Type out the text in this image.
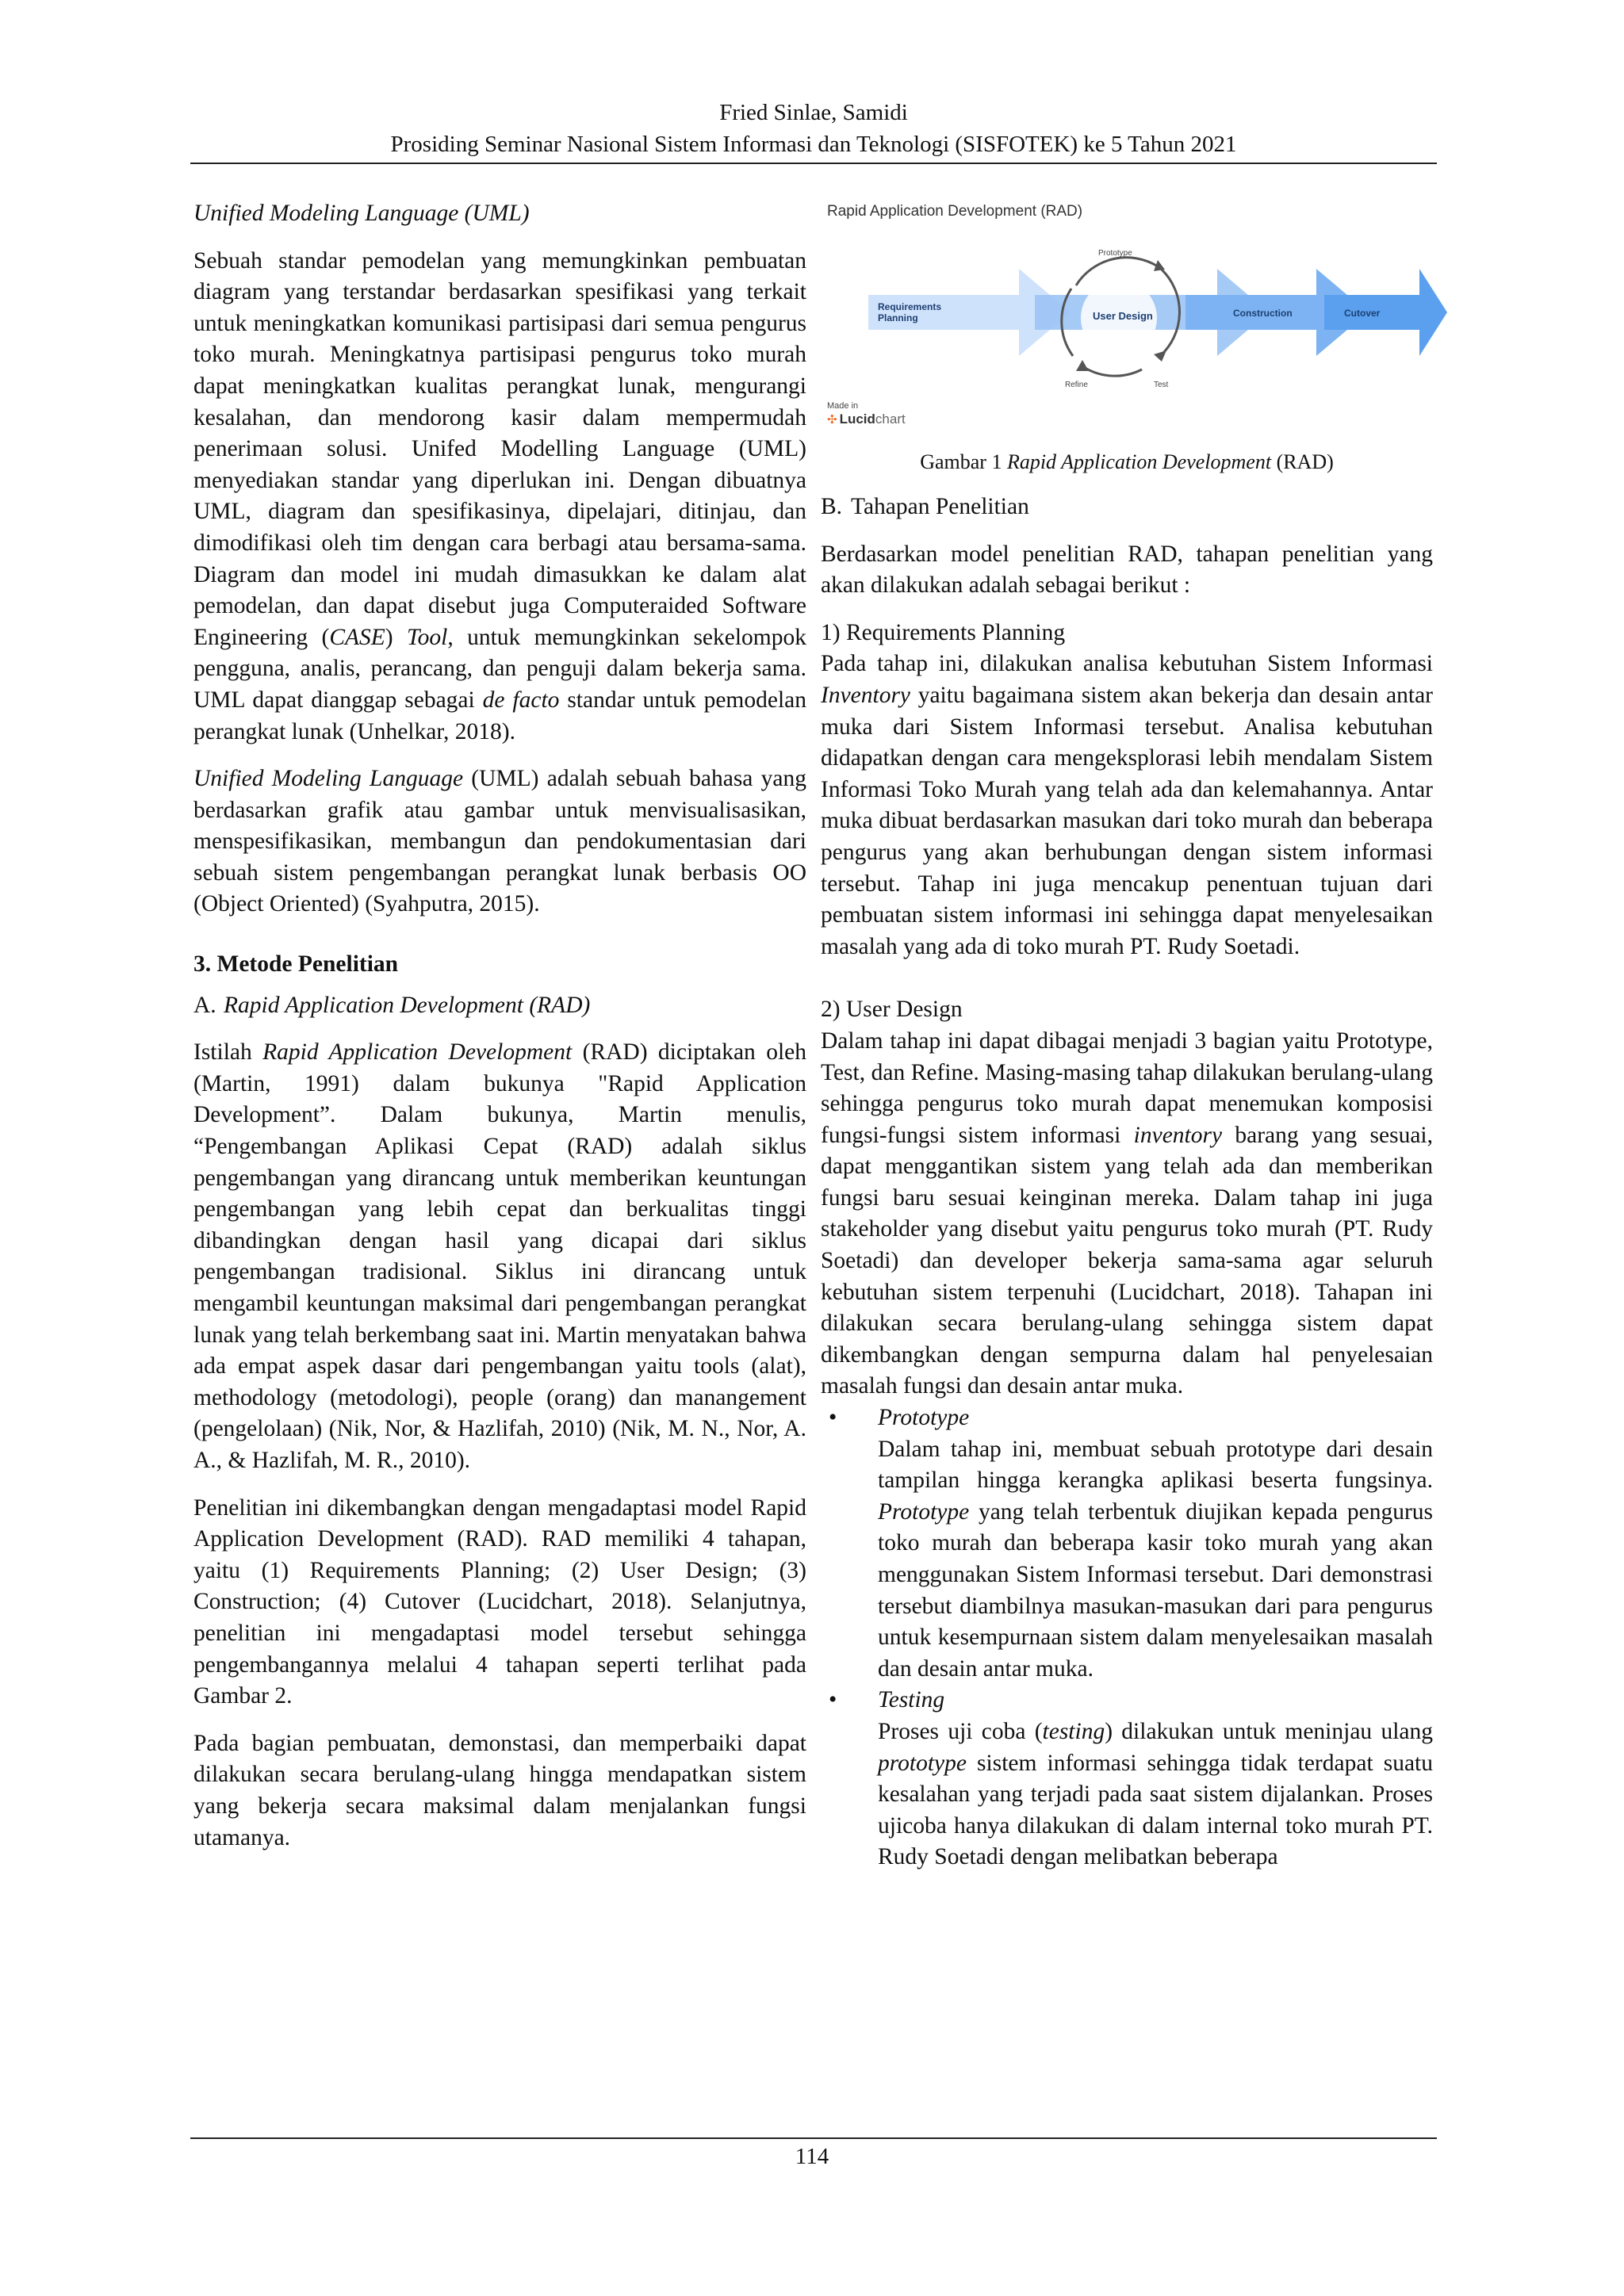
Fried Sinlae, Samidi
Prosiding Seminar Nasional Sistem Informasi dan Teknologi (SISFOTEK) ke 5 Tahun 2021

Unified Modeling Language (UML)

Sebuah standar pemodelan yang memungkinkan pembuatan diagram yang terstandar berdasarkan spesifikasi yang terkait untuk meningkatkan komunikasi partisipasi dari semua pengurus toko murah. Meningkatnya partisipasi pengurus toko murah dapat meningkatkan kualitas perangkat lunak, mengurangi kesalahan, dan mendorong kasir dalam mempermudah penerimaan solusi. Unifed Modelling Language (UML) menyediakan standar yang diperlukan ini. Dengan dibuatnya UML, diagram dan spesifikasinya, dipelajari, ditinjau, dan dimodifikasi oleh tim dengan cara berbagi atau bersama-sama. Diagram dan model ini mudah dimasukkan ke dalam alat pemodelan, dan dapat disebut juga Computeraided Software Engineering (CASE) Tool, untuk memungkinkan sekelompok pengguna, analis, perancang, dan penguji dalam bekerja sama. UML dapat dianggap sebagai de facto standar untuk pemodelan perangkat lunak (Unhelkar, 2018).

Unified Modeling Language (UML) adalah sebuah bahasa yang berdasarkan grafik atau gambar untuk menvisualisasikan, menspesifikasikan, membangun dan pendokumentasian dari sebuah sistem pengembangan perangkat lunak berbasis OO (Object Oriented) (Syahputra, 2015).

3. Metode Penelitian
A. Rapid Application Development (RAD)

Istilah Rapid Application Development (RAD) diciptakan oleh (Martin, 1991) dalam bukunya "Rapid Application Development”. Dalam bukunya, Martin menulis, “Pengembangan Aplikasi Cepat (RAD) adalah siklus pengembangan yang dirancang untuk memberikan keuntungan pengembangan yang lebih cepat dan berkualitas tinggi dibandingkan dengan hasil yang dicapai dari siklus pengembangan tradisional. Siklus ini dirancang untuk mengambil keuntungan maksimal dari pengembangan perangkat lunak yang telah berkembang saat ini. Martin menyatakan bahwa ada empat aspek dasar dari pengembangan yaitu tools (alat), methodology (metodologi), people (orang) dan manangement (pengelolaan) (Nik, Nor, & Hazlifah, 2010) (Nik, M. N., Nor, A. A., & Hazlifah, M. R., 2010).

Penelitian ini dikembangkan dengan mengadaptasi model Rapid Application Development (RAD). RAD memiliki 4 tahapan, yaitu (1) Requirements Planning; (2) User Design; (3) Construction; (4) Cutover (Lucidchart, 2018). Selanjutnya, penelitian ini mengadaptasi model tersebut sehingga pengembangannya melalui 4 tahapan seperti terlihat pada Gambar 2.

Pada bagian pembuatan, demonstasi, dan memperbaiki dapat dilakukan secara berulang-ulang hingga mendapatkan sistem yang bekerja secara maksimal dalam menjalankan fungsi utamanya.

Requirements
Planning
Prototype
User Design
Refine	Test
Construction	Cutover
Rapid Application Development (RAD)
Made in
✣ Lucidchart
Gambar 1 Rapid Application Development (RAD)
B. Tahapan Penelitian

Berdasarkan model penelitian RAD, tahapan penelitian yang akan dilakukan adalah sebagai berikut :

1) Requirements Planning

Pada tahap ini, dilakukan analisa kebutuhan Sistem Informasi Inventory yaitu bagaimana sistem akan bekerja dan desain antar muka dari Sistem Informasi tersebut. Analisa kebutuhan didapatkan dengan cara mengeksplorasi lebih mendalam Sistem Informasi Toko Murah yang telah ada dan kelemahannya. Antar muka dibuat berdasarkan masukan dari toko murah dan beberapa pengurus yang akan berhubungan dengan sistem informasi tersebut. Tahap ini juga mencakup penentuan tujuan dari pembuatan sistem informasi ini sehingga dapat menyelesaikan masalah yang ada di toko murah PT. Rudy Soetadi.

2) User Design

Dalam tahap ini dapat dibagai menjadi 3 bagian yaitu Prototype, Test, dan Refine. Masing-masing tahap dilakukan berulang-ulang sehingga pengurus toko murah dapat menemukan komposisi fungsi-fungsi sistem informasi inventory barang yang sesuai, dapat menggantikan sistem yang telah ada dan memberikan fungsi baru sesuai keinginan mereka. Dalam tahap ini juga stakeholder yang disebut yaitu pengurus toko murah (PT. Rudy Soetadi) dan developer bekerja sama-sama agar seluruh kebutuhan sistem terpenuhi (Lucidchart, 2018). Tahapan ini dilakukan secara berulang-ulang sehingga sistem dapat dikembangkan dengan sempurna dalam hal penyelesaian masalah fungsi dan desain antar muka.

• Prototype
Dalam tahap ini, membuat sebuah prototype dari desain tampilan hingga kerangka aplikasi beserta fungsinya. Prototype yang telah terbentuk diujikan kepada pengurus toko murah dan beberapa kasir toko murah yang akan menggunakan Sistem Informasi tersebut. Dari demonstrasi tersebut diambilnya masukan-masukan dari para pengurus untuk kesempurnaan sistem dalam menyelesaikan masalah dan desain antar muka.
• Testing
Proses uji coba (testing) dilakukan untuk meninjau ulang prototype sistem informasi sehingga tidak terdapat suatu kesalahan yang terjadi pada saat sistem dijalankan. Proses ujicoba hanya dilakukan di dalam internal toko murah PT. Rudy Soetadi dengan melibatkan beberapa
114
